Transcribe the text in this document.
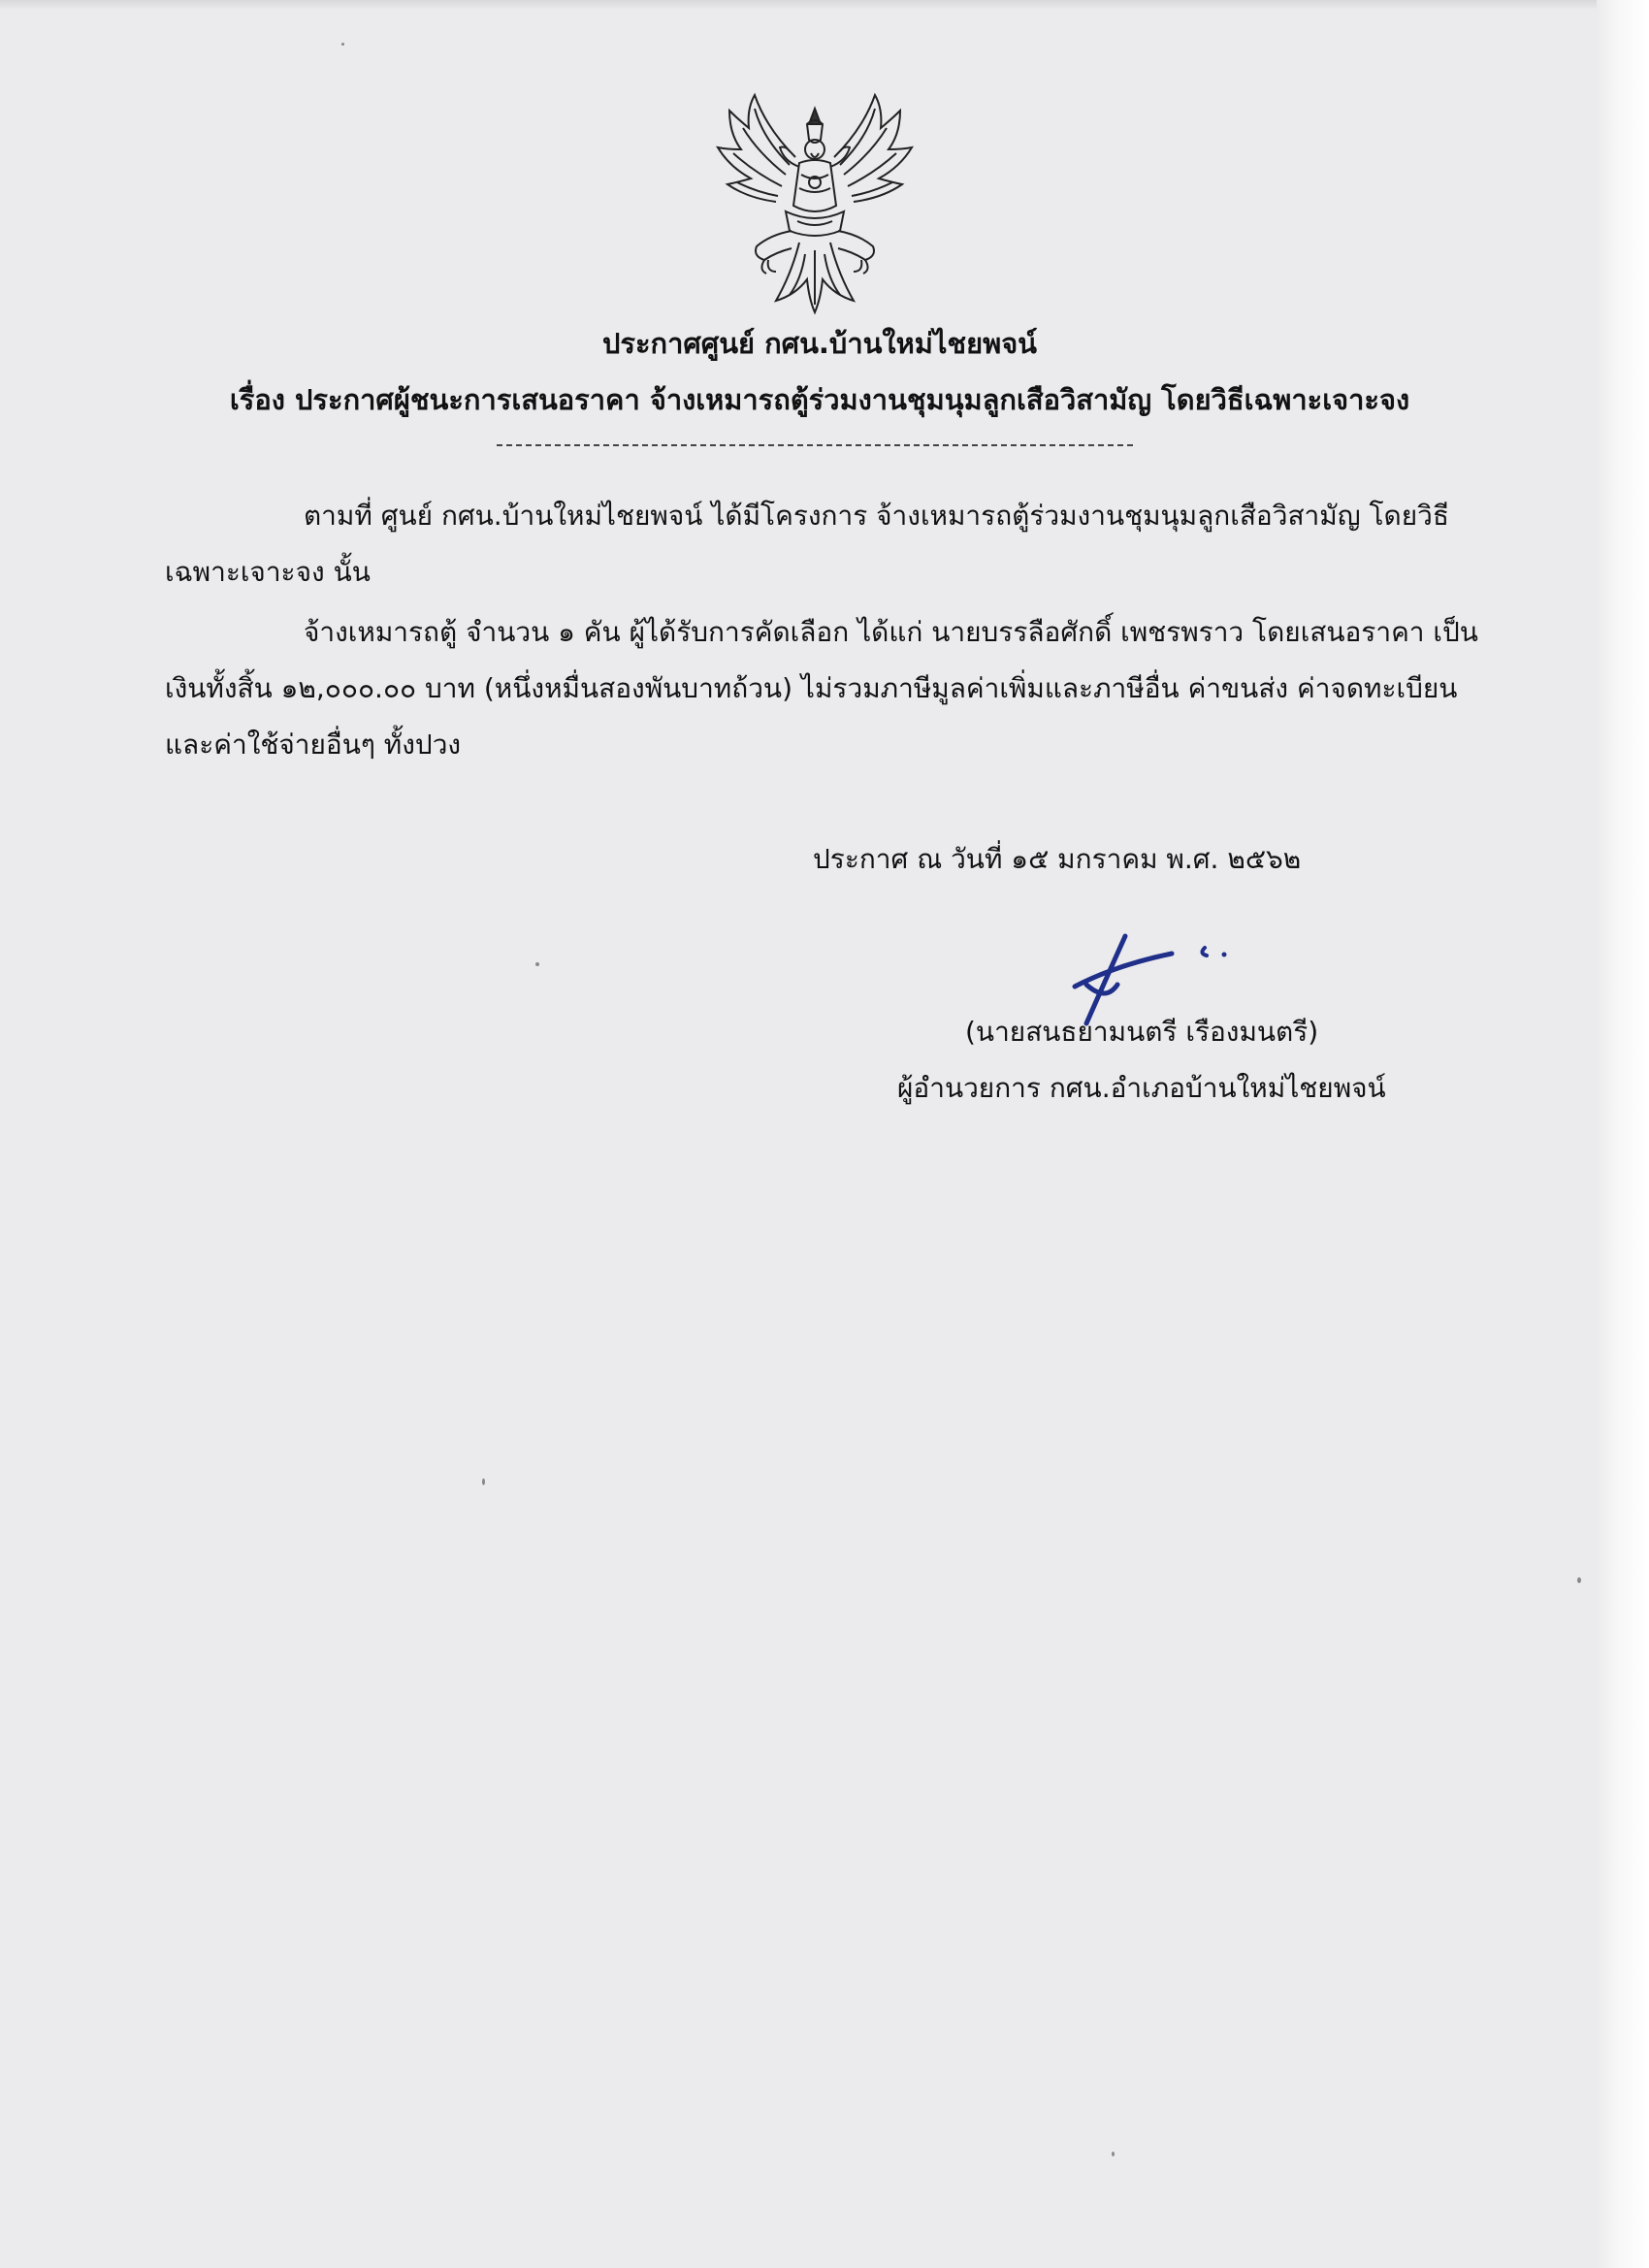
ประกาศศูนย์ กศน.บ้านใหม่ไชยพจน์
เรื่อง ประกาศผู้ชนะการเสนอราคา จ้างเหมารถตู้ร่วมงานชุมนุมลูกเสือวิสามัญ โดยวิธีเฉพาะเจาะจง
ตามที่ ศูนย์ กศน.บ้านใหม่ไชยพจน์ ได้มีโครงการ จ้างเหมารถตู้ร่วมงานชุมนุมลูกเสือวิสามัญ โดยวิธี
เฉพาะเจาะจง นั้น
จ้างเหมารถตู้ จำนวน ๑ คัน ผู้ได้รับการคัดเลือก ได้แก่ นายบรรลือศักดิ์ เพชรพราว โดยเสนอราคา เป็น
เงินทั้งสิ้น ๑๒,๐๐๐.๐๐ บาท (หนึ่งหมื่นสองพันบาทถ้วน) ไม่รวมภาษีมูลค่าเพิ่มและภาษีอื่น ค่าขนส่ง ค่าจดทะเบียน
และค่าใช้จ่ายอื่นๆ ทั้งปวง
ประกาศ ณ วันที่ ๑๕ มกราคม พ.ศ. ๒๕๖๒
(นายสนธยามนตรี เรืองมนตรี)
ผู้อำนวยการ กศน.อำเภอบ้านใหม่ไชยพจน์
